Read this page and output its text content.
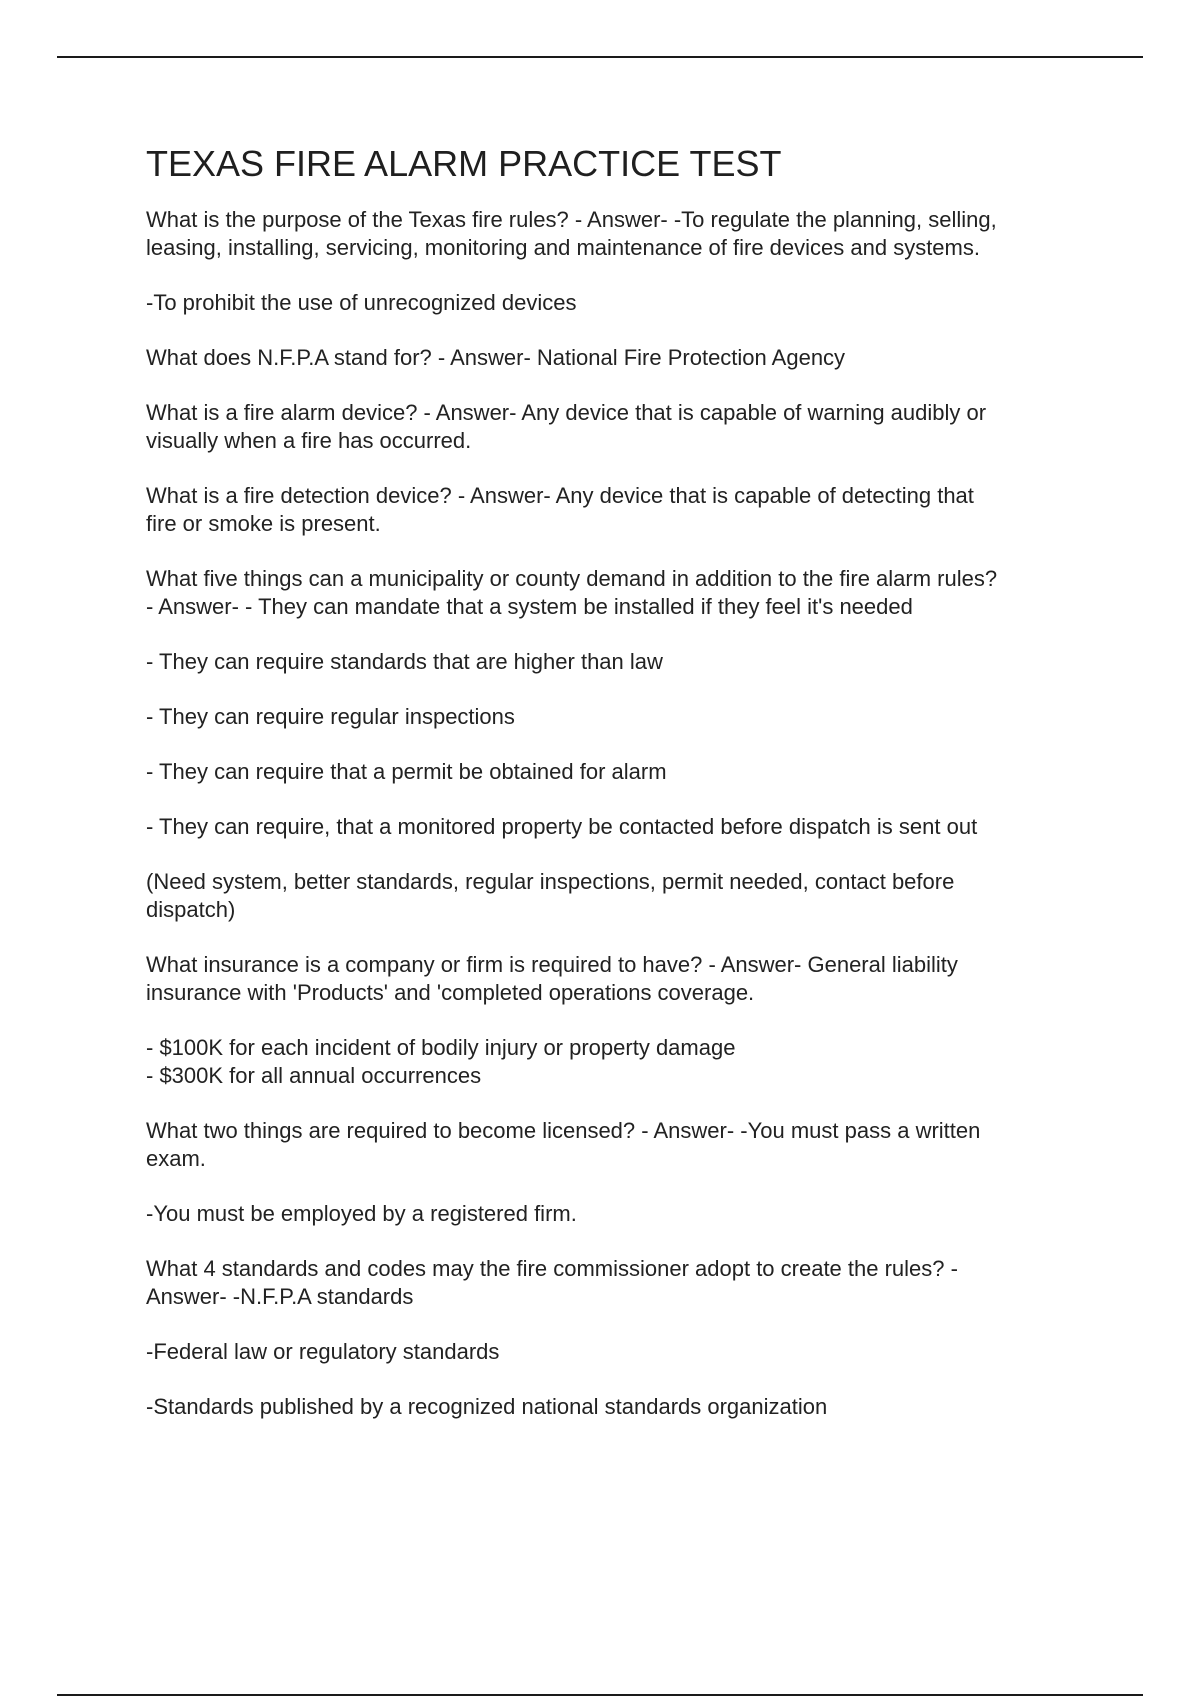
TEXAS FIRE ALARM PRACTICE TEST

What is the purpose of the Texas fire rules? - Answer- -To regulate the planning, selling,
leasing, installing, servicing, monitoring and maintenance of fire devices and systems.

-To prohibit the use of unrecognized devices

What does N.F.P.A stand for? - Answer- National Fire Protection Agency

What is a fire alarm device? - Answer- Any device that is capable of warning audibly or
visually when a fire has occurred.

What is a fire detection device? - Answer- Any device that is capable of detecting that
fire or smoke is present.

What five things can a municipality or county demand in addition to the fire alarm rules?
- Answer- - They can mandate that a system be installed if they feel it's needed

- They can require standards that are higher than law

- They can require regular inspections

- They can require that a permit be obtained for alarm

- They can require, that a monitored property be contacted before dispatch is sent out

(Need system, better standards, regular inspections, permit needed, contact before
dispatch)

What insurance is a company or firm is required to have? - Answer- General liability
insurance with 'Products' and 'completed operations coverage.

- $100K for each incident of bodily injury or property damage
- $300K for all annual occurrences

What two things are required to become licensed? - Answer- -You must pass a written
exam.

-You must be employed by a registered firm.

What 4 standards and codes may the fire commissioner adopt to create the rules? -
Answer- -N.F.P.A standards

-Federal law or regulatory standards

-Standards published by a recognized national standards organization
